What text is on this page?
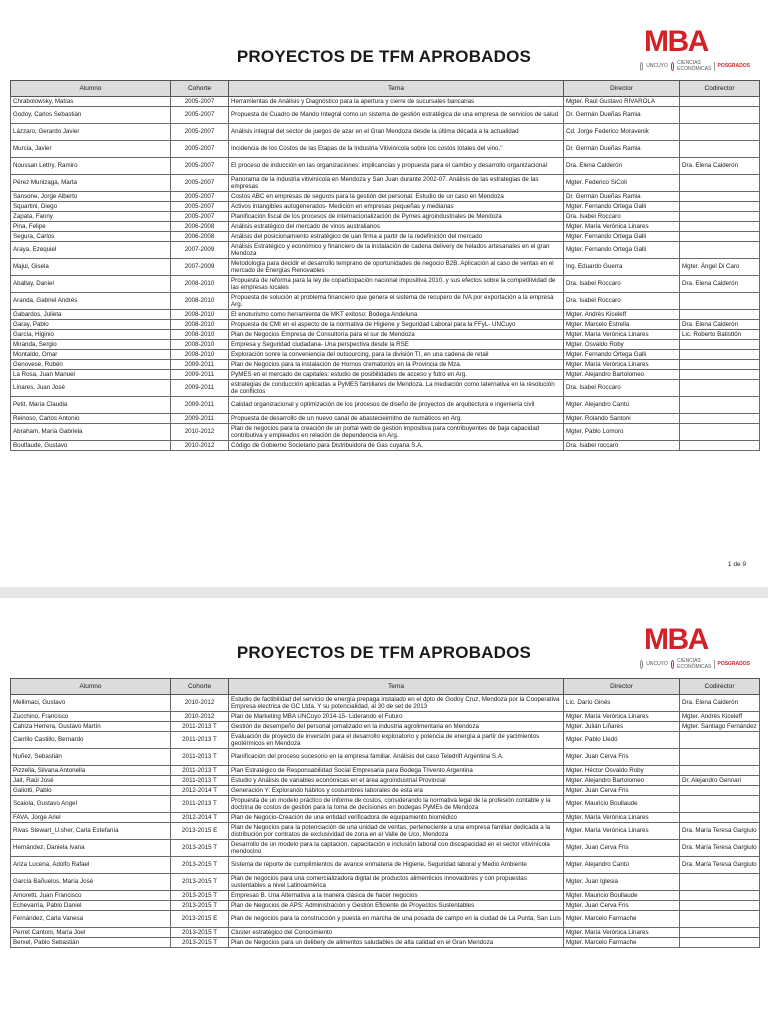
PROYECTOS DE TFM APROBADOS	MBA
UNCUYO CIENCIAS ECONÓMICAS POSGRADOS
Alumno	Cohorte	Tema	Director	Codirector
Chrabolowsky, Matías	2005-2007	Herramientas de Análisis y Diagnóstico para la apertura y cierre de sucursales bancarias	Mgter. Raúl Gustavo RIVAROLA	
Godoy, Carlos Sebastián	2005-2007	Propuesta de Cuadro de Mando Integral como un sistema de gestión estratégica de una empresa de servicios de salud	Dr. Germán Dueñas Ramia	
Lázzaro, Gerardo Javier	2005-2007	Análisis integral del sector de juegos de azar en el Gran Mendoza desde la última década a la actualidad	Cd. Jorge Federico Moravenik	
Murcia, Javier	2005-2007	Incidencia de los Costos de las Etapas de la Industria Vitivinícola sobre los costos totales del vino."	Dr. Germán Dueñas Ramia	
Noussan Lettry, Ramiro	2005-2007	El proceso de inducción en las organizaciones: implicancias y propuesta para el cambio y desarrollo organizacional	Dra. Elena Calderón	Dra. Elena Calderón
Pérez Munizaga, Marta	2005-2007	Panorama de la industria vitivinícola en Mendoza y San Juan durante 2002-07. Análisis de las estrategias de las empresas	Mgter. Federico SiColi	
Sansone, Jorge Alberto	2005-2007	Costos ABC en empresas de seguros para la gestión del personal. Estudio de un caso en Mendoza	Dr. Germán Dueñas Ramia	
Squartini, Diego	2005-2007	Activos intangibles autogenerados- Medición en empresas pequeñas y medianas	Mgter. Fernando Ortega Galli	
Zapata, Fanny	2005-2007	Planificación fiscal de los procesos de internacionalización de Pymes agroindustriales de Mendoza	Dra. Isabel Roccaro	
Pina, Felipe	2006-2008	Análisis estratégico del mercado de vinos australianos	Mgter. María Verónica Linares	
Segura, Carlos	2006-2008	Análisis del posicionamiento estratégico de uan firma a partir de la redefinición del mercado	Mgter. Fernando Ortega Galli	
Araya, Ezequiel	2007-2009	Análisis Estratégico y económico y financiero de la instalación de cadena delivery de helados artesanales en el gran Mendoza	Mgter. Fernando Ortega Galli	
Majul, Gisela	2007-2009	Metodología para decidir el desarrollo temprano de oportunidades de negocio B2B. Aplicación al caso de ventas en el mercado de Energías Renovables	Ing. Eduardo Guerra	Mgter. Ángel Di Caro
Aballay, Daniel	2008-2010	Propuesta de reforma para la ley de coparticipación nacional impositiva 2010, y sus efectos sobre la competitividad de las empresas locales	Dra. Isabel Roccaro	Dra. Elena Calderón
Aranda, Gabriel Andrés	2008-2010	Propuesta de solución al problema financiero que genera el sistema de recupero de IVA por exportación a la empresa Arg.	Dra. Isabel Roccaro	
Gabardos, Julieta	2008-2010	El enoturismo como herramienta de MKT exitoso: Bodega Andeluna	Mgter. Andrés Kiceleff	
Garay, Pablo	2008-2010	Propuesta de CMI en el aspecto de la normativa de Higiene y Seguridad Laboral para la FFyL- UNCuyo	Mgter. Marcelo Estrella	Dra. Elena Calderón
García, Higinio	2008-2010	Plan de Negocios Empresa de Consultoría para el sur de Mendoza	Mgter. María Verónica Linares	Lic. Roberto Batisttón
Miranda, Sergio	2008-2010	Empresa y Seguridad ciudadana- Una perspectiva desde la RSE	Mgter. Osvaldo Roby	
Montaldo, Omar	2008-2010	Exploración sonre la conveniencia del outsourcing, para la división TI, en una cadena de retail	Mgter. Fernando Ortega Galli	
Genovese, Rubén	2009-2011	Plan de Negocios para la instalación de Hornos crematorios en la Provincia de Mza.	Mgter. María Verónica Linares	
La Rosa, Juan Manuel	2009-2011	PyMES en el mercado de capitales: estudio de posibilidades de acceso y futro en Arg.	Mgter. Alejandro Bartolomeo	
Linares, Juan José	2009-2011	estrategias de conducción aplicadas a PyMES familiares de Mendoza. La mediación como laternativa en la resolución de conflictos	Dra. Isabel Roccaro	
Petit, María Claudia	2009-2011	Calidad organizacional y optimización de los procesos de diseño de proyectos de arquitectura e ingeniería civil	Mgter. Alejandro Cantú	
Reinoso, Carlos Antonio	2009-2011	Propuesta de desarrollo de un nuevo canal de abastecieimitno de numáticos en Arg.	Mgter. Rolando Santoni	
Abraham, María Gabriela	2010-2012	Plan de negocios para la creación de un portal web de gestión impositiva para contribuyentes de baja capacidad contributiva y empleados en relación de dependencia en Arg.	Mgter. Pablo Lomoro	
Boulfaude, Gustavo	2010-2012	Código de Gobierno Societario para Distribuidora de Gas cuyana S.A.	Dra. Isabel roccaro	
1 de 9
PROYECTOS DE TFM APROBADOS	MBA
UNCUYO CIENCIAS ECONÓMICAS POSGRADOS
Alumno	Cohorte	Tema	Director	Codirector
Mellimaci, Gustavo	2010-2012	Estudio de factibilidad del servicio de energía prepaga instalado en el dpto de Godoy Cruz, Mendoza por la Cooperativa Empresa electrica de GC Ltda. Y su potencialidad, al 30 de set de 2013	Lic. Darío Ginés	Dra. Elena Calderón
Zucchino, Francisco	2010-2012	Plan de Marketing MBA UNCuyo 2014-15- Liderando el Futuro	Mgter. María Verónica Linares	Mgter. Andrés Kiceleff
Cahiza Herrera, Gustavo Martín	2011-2013 T	Gestión de desempeño del personal jornalizado en la industria agrolimentaria en Mendoza	Mgter. Julián Liñares	Mgter. Santiago Fernández
Carrillo Castillo, Bernardo	2011-2013 T	Evaluación de proyecto de inversión para el desarrollo exploratorio y potencia de energía a partir de yacimientos geotérmicos en Mendoza	Mgter. Pablo Lledó	
Nuñez, Sebastián	2011-2013 T	Planificación del proceso sucesorio en la empresa familiar. Análisis del caso Teledrift Argentina S.A.	Mgter. Juan Cerva Fris	
Pizzella, Silvana Antonella	2011-2013 T	Plan Estratégico de Responsabilidad Social Empresaria para Bodega Trivento Argentina	Mgter. Héctor Osvaldo Roby	
Jait, Raúl José	2011-2013 T	Estudio y Análisis de variables económicas en el área agroindustrial Provincial	Mgter. Alejandro Bartolomeo	Dr. Alejandro Gennari
Galiotti, Pablo	2012-2014 T	Generación Y: Explorando hábitos y costumbres laborales de esta era	Mgter. Juan Cerva Fris	
Scaiola, Gustavo Angel	2011-2013 T	Propuesta de un modelo práctico de informe de costos, considerando la normativa legal de la profesión contable y la doctrina de costos de gestión para la toma de decisiones en bodegas PyMEs de Mendoza	Mgter. Mauricio Boullaude	
FAVA, Jorge Ariel	2012-2014 T	Plan de Negocio-Creación de una entidad verificadora de equipamiento biomédico	Mgter. María Verónica Linares	
Rivas Stewart_U.sher, Carla Estefanía	2013-2015 E	Plan de Negocios para la potenciación de una unidad de ventas, perteneciente a una empresa familiar dedicada a la distribución por contratos de exclusividad de zona en el Valle de Uco, Mendoza	Mgter. María Verónica Linares	Dra. María Teresa Gargiulo
Hernández, Daniela Ivana	2013-2015 T	Desarrollo de un modelo para la captación, capacitación e inclusión laboral con discapacidad en el sector vitivinícola mendocino	Mgter. Juan Cerva Fris	Dra. María Teresa Gargiulo
Ariza Lucena, Adolfo Rafael	2013-2015 T	Sistema de reporte de cumplimientos de avance enmateria de Higiene, Seguridad laboral y Medio Ambiente	Mgter. Alejandro Cantú	Dra. María Teresa Gargiulo
García Bañuelos, María José	2013-2015 T	Plan de negocios para una comercializadora digital de productos alimenticios innovadores y con propuestas sustentables a nivel Latinoamérica	Mgter. Juan Iglesia	
Amoretti, Juan Francisco	2013-2015 T	Empresas B. Una Alternativa a la manera clásica de hacer negocios	Mgter. Mauricio Boullaude	
Echevarría, Pablo Daniel	2013-2015 T	Plan de Negocios de APS: Administración y Gestión Eficiente de Proyectos Sustentables	Mgter. Juan Cerva Fris	
Fernández, Carla Vanesa	2013-2015 E	Plan de negocios para la construcción y puesta en marcha de una posada de campo en la ciudad de La Punta, San Luis	Mgter. Marcelo Farmache	
Perret Cantoni, María Joel	2013-2015 T	Cluster estratégico del Conocimiento	Mgter. María Verónica Linares	
Berxel, Pablo Sebastián	2013-2015 T	Plan de Negocios para un delibery de alimentos saludables de alta calidad en el Gran Mendoza	Mgter. Marcelo Farmache	
